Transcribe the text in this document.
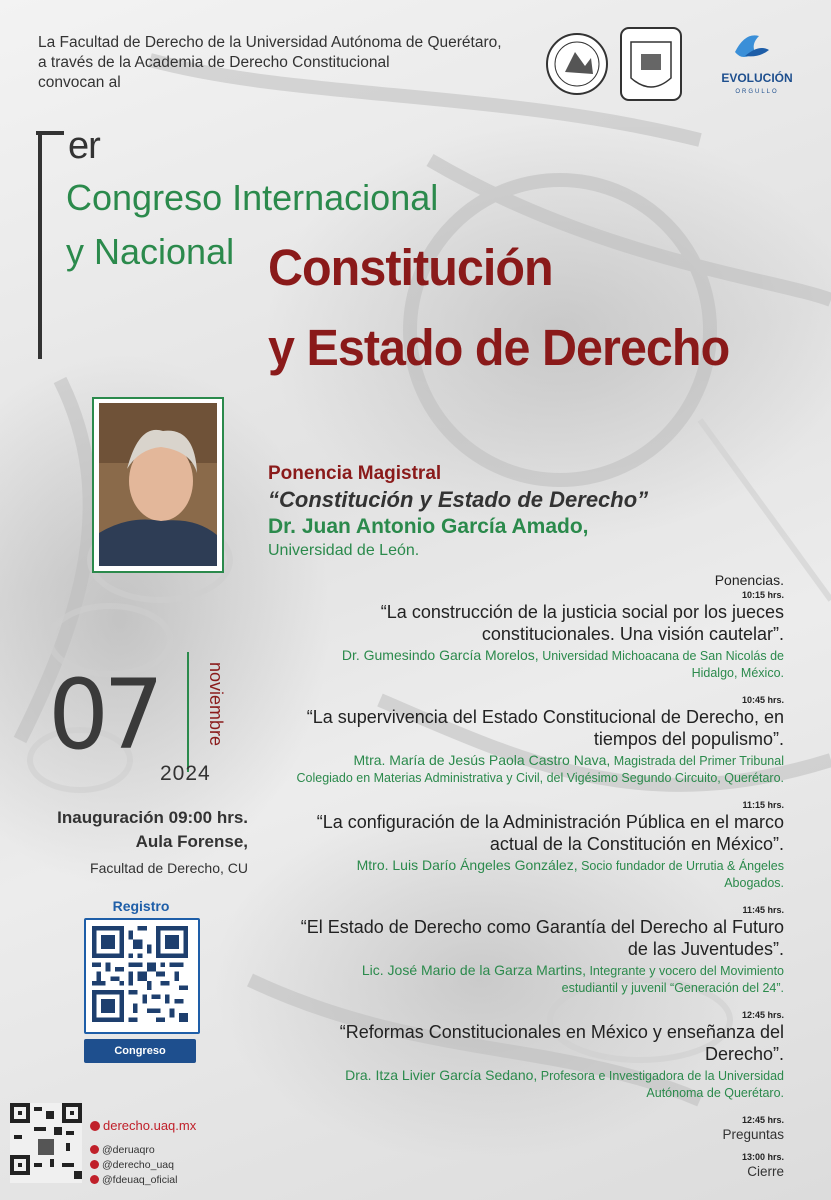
La Facultad de Derecho de la Universidad Autónoma de Querétaro,
a través de la Academia de Derecho Constitucional
convocan al	EVOLUCIÓN
ORGULLO
er
Congreso Internacional
y Nacional Constitución
y Estado de Derecho
Ponencia Magistral
“Constitución y Estado de Derecho”
Dr. Juan Antonio García Amado,
Universidad de León.
Ponencias.
10:15 hrs.
“La construcción de la justicia social por los jueces
constitucionales. Una visión cautelar”.
Dr. Gumesindo García Morelos, Universidad Michoacana de San Nicolás de
Hidalgo, México.
10:45 hrs.
“La supervivencia del Estado Constitucional de Derecho, en
tiempos del populismo”.
Mtra. María de Jesús Paola Castro Nava, Magistrada del Primer Tribunal
Colegiado en Materias Administrativa y Civil, del Vigésimo Segundo Circuito, Querétaro.
11:15 hrs.
“La configuración de la Administración Pública en el marco
actual de la Constitución en México”.
Mtro. Luis Darío Ángeles González, Socio fundador de Urrutia & Ángeles
Abogados.
11:45 hrs.
“El Estado de Derecho como Garantía del Derecho al Futuro
de las Juventudes”.
Lic. José Mario de la Garza Martins, Integrante y vocero del Movimiento
estudiantil y juvenil “Generación del 24”.
12:45 hrs.
“Reformas Constitucionales en México y enseñanza del
Derecho”.
Dra. Itza Livier García Sedano, Profesora e Investigadora de la Universidad
Autónoma de Querétaro.
12:45 hrs.
Preguntas
13:00 hrs.
Cierre
07	noviembre
2024
Inauguración 09:00 hrs.
Aula Forense,
Facultad de Derecho, CU
Registro
Congreso
derecho.uaq.mx
@deruaqro
@derecho_uaq
@fdeuaq_oficial
